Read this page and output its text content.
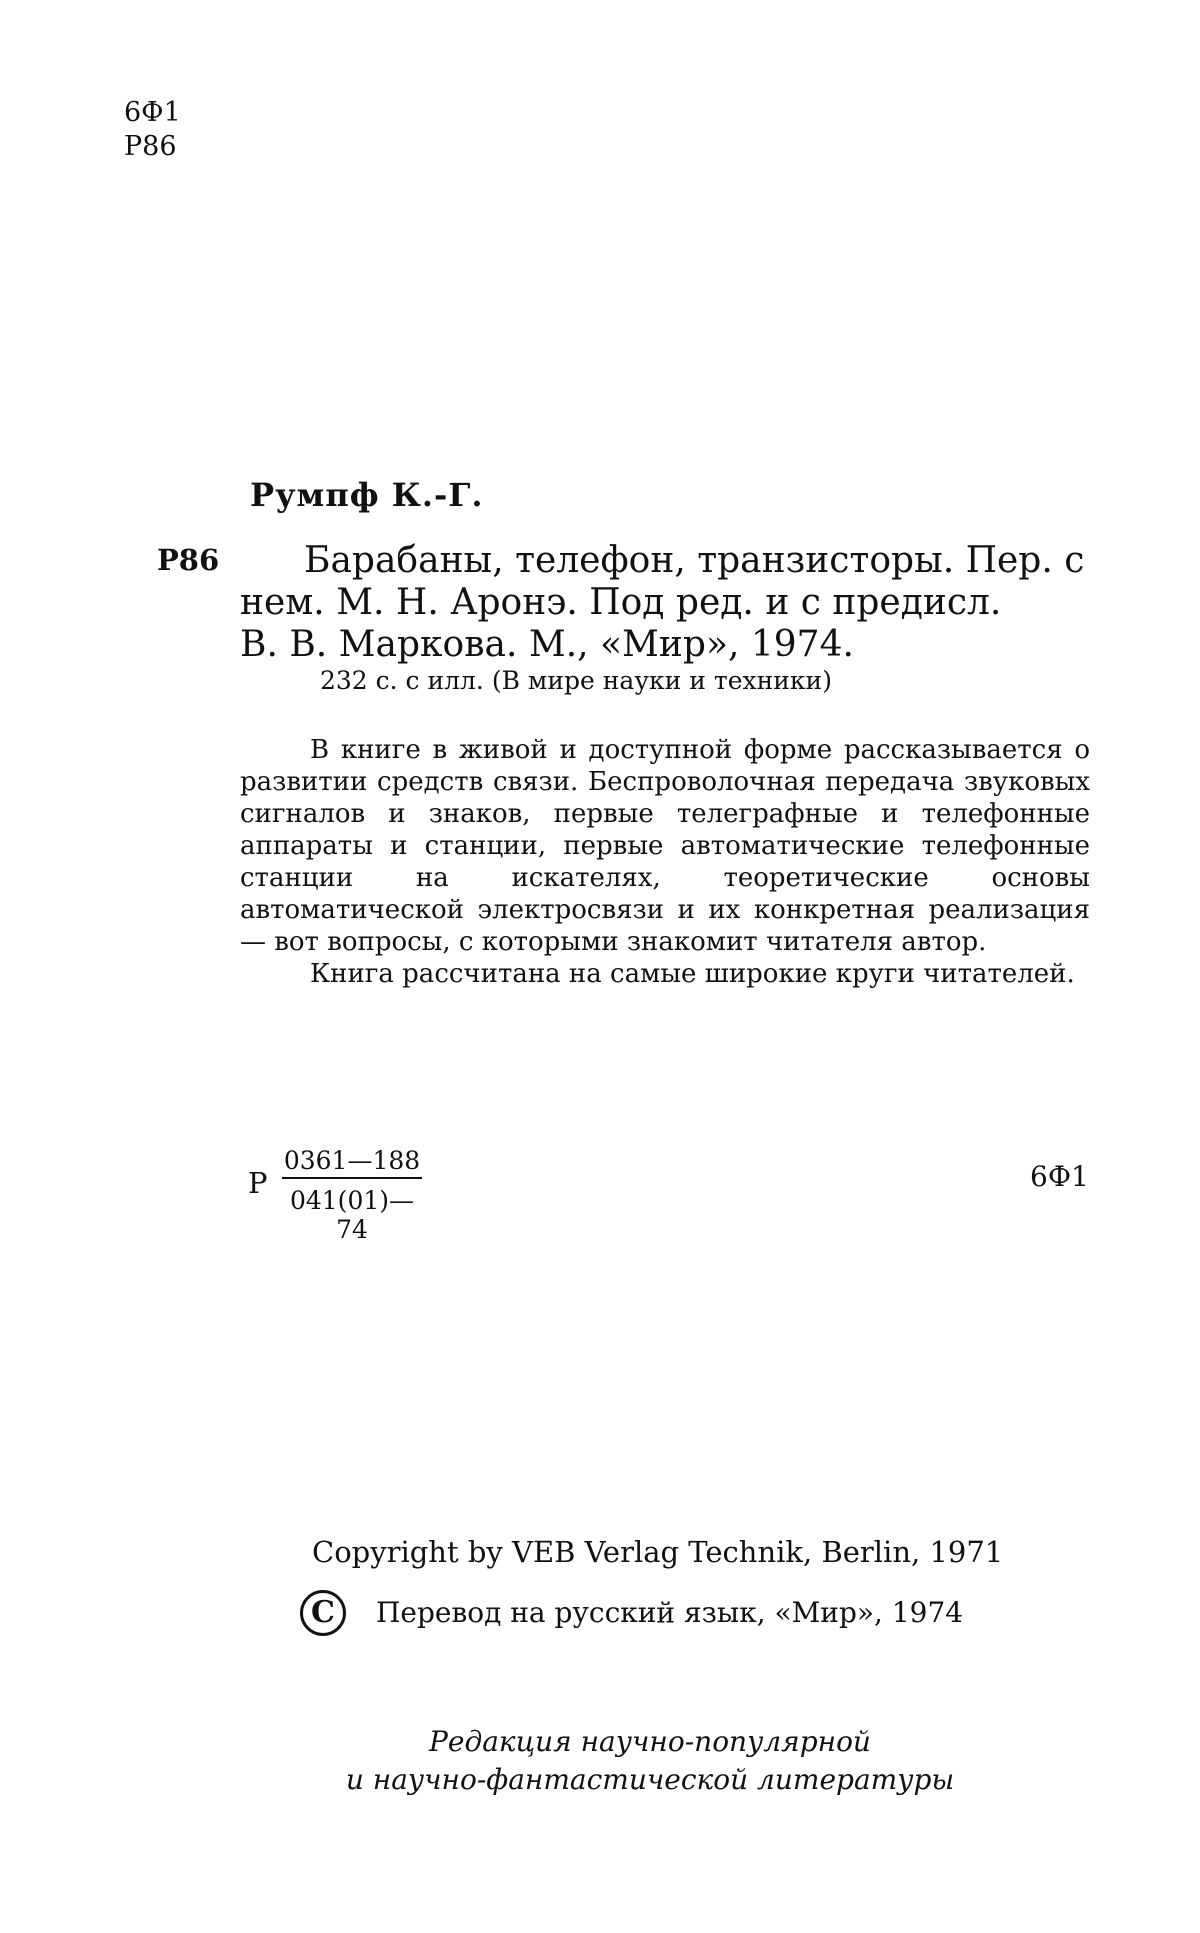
6Ф1
Р86
Румпф К.-Г.
Р86	Барабаны, телефон, транзисторы. Пер. с
нем. М. Н. Аронэ. Под ред. и с предисл.
В. В. Маркова. М., «Мир», 1974.
232 с. с илл. (В мире науки и техники)

В книге в живой и доступной форме рассказывается о развитии средств связи. Беспроволочная передача звуковых сигналов и знаков, первые телеграфные и телефонные аппараты и станции, первые автоматические телефонные станции на искателях, теоретические основы автоматической электросвязи и их конкретная реализация — вот вопросы, с которыми знакомит читателя автор.

Книга рассчитана на самые широкие круги читателей.

Р
0361—188
041(01)—74
6Ф1
Copyright by VEB Verlag Technik, Berlin, 1971
C	Перевод на русский язык, «Мир», 1974
Редакция научно-популярной
и научно-фантастической литературы
